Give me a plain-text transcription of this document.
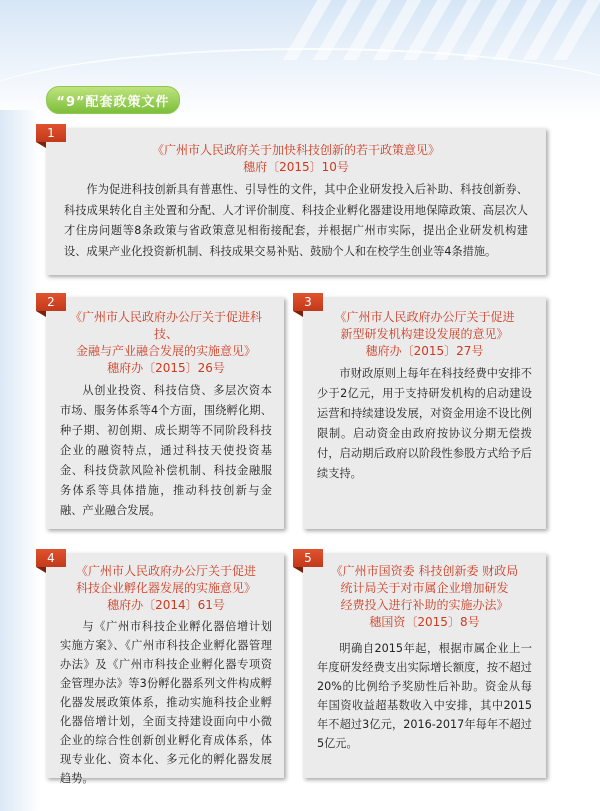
“9”配套政策文件
1
《广州市人民政府关于加快科技创新的若干政策意见》
穗府〔2015〕10号

作为促进科技创新具有普惠性、引导性的文件，其中企业研发投入后补助、科技创新券、科技成果转化自主处置和分配、人才评价制度、科技企业孵化器建设用地保障政策、高层次人才住房问题等8条政策与省政策意见相衔接配套，并根据广州市实际，提出企业研发机构建设、成果产业化投资新机制、科技成果交易补贴、鼓励个人和在校学生创业等4条措施。

2
《广州市人民政府办公厅关于促进科技、
金融与产业融合发展的实施意见》
穗府办〔2015〕26号

从创业投资、科技信贷、多层次资本市场、服务体系等4个方面，围绕孵化期、种子期、初创期、成长期等不同阶段科技企业的融资特点，通过科技天使投资基金、科技贷款风险补偿机制、科技金融服务体系等具体措施，推动科技创新与金融、产业融合发展。

3
《广州市人民政府办公厅关于促进
新型研发机构建设发展的意见》
穗府办〔2015〕27号

市财政原则上每年在科技经费中安排不少于2亿元，用于支持研发机构的启动建设运营和持续建设发展，对资金用途不设比例限制。启动资金由政府按协议分期无偿拨付，启动期后政府以阶段性参股方式给予后续支持。

4
《广州市人民政府办公厅关于促进
科技企业孵化器发展的实施意见》
穗府办〔2014〕61号

与《广州市科技企业孵化器倍增计划实施方案》、《广州市科技企业孵化器管理办法》及《广州市科技企业孵化器专项资金管理办法》等3份孵化器系列文件构成孵化器发展政策体系，推动实施科技企业孵化器倍增计划，全面支持建设面向中小微企业的综合性创新创业孵化育成体系，体现专业化、资本化、多元化的孵化器发展趋势。

5
《广州市国资委 科技创新委 财政局
统计局关于对市属企业增加研发
经费投入进行补助的实施办法》
穗国资〔2015〕8号

明确自2015年起，根据市属企业上一年度研发经费支出实际增长额度，按不超过20%的比例给予奖励性后补助。资金从每年国资收益超基数收入中安排，其中2015年不超过3亿元，2016-2017年每年不超过5亿元。
